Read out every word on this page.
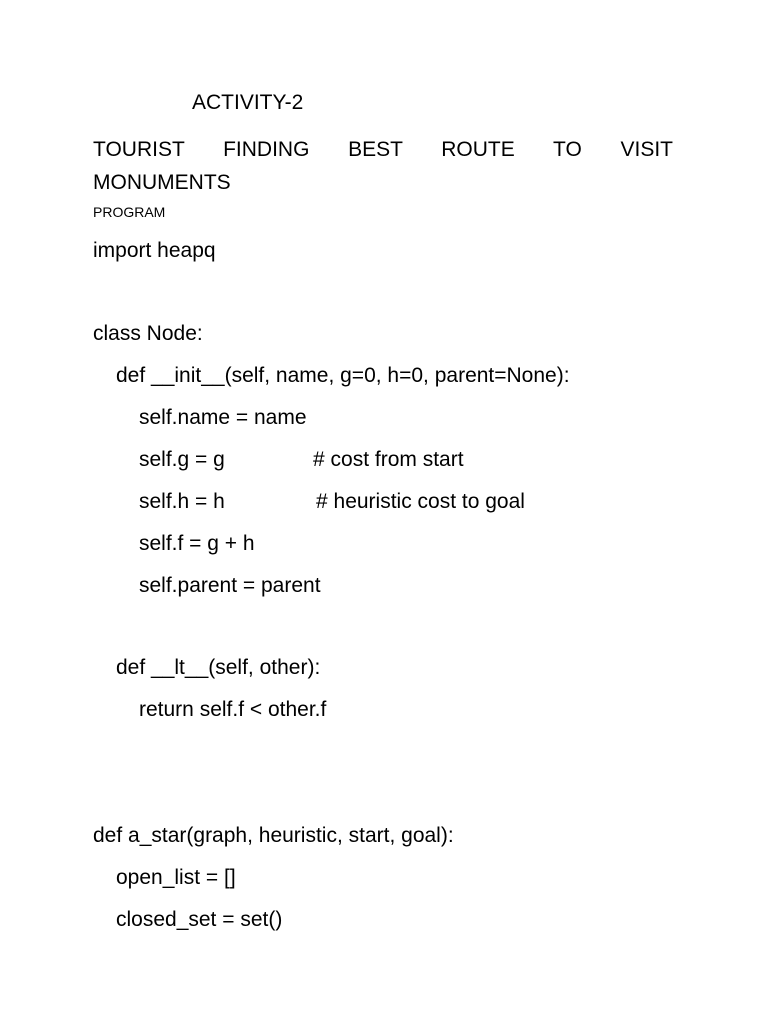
ACTIVITY-2
TOURIST FINDING BEST ROUTE TO VISIT MONUMENTS
PROGRAM
import heapq
class Node:
def __init__(self, name, g=0, h=0, parent=None):
self.name = name
self.g = g	# cost from start
self.h = h	# heuristic cost to goal
self.f = g + h
self.parent = parent
def __lt__(self, other):
return self.f < other.f
def a_star(graph, heuristic, start, goal):
open_list = []
closed_set = set()
